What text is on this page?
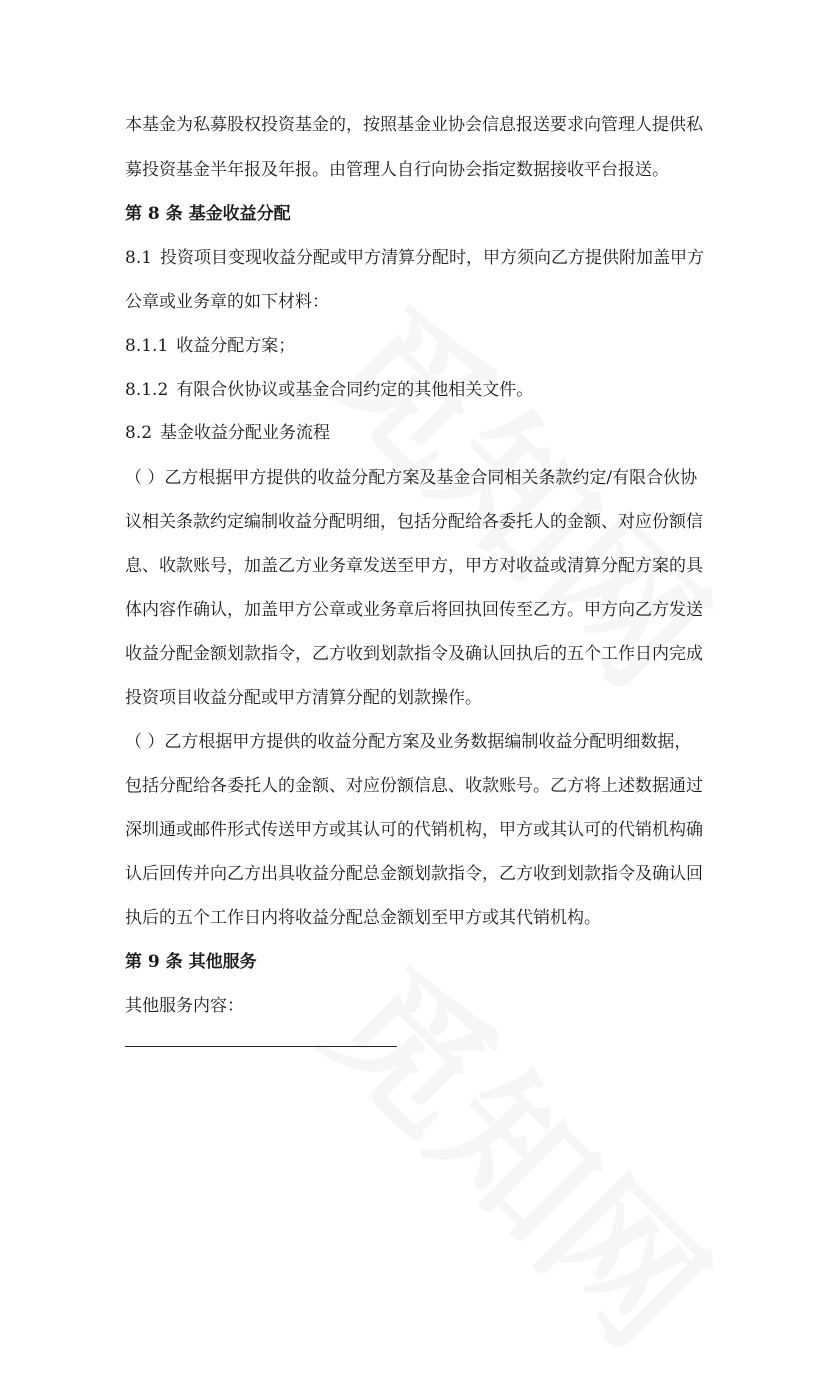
本基金为私募股权投资基金的，按照基金业协会信息报送要求向管理人提供私
募投资基金半年报及年报。由管理人自行向协会指定数据接收平台报送。
第 8 条 基金收益分配
8.1 投资项目变现收益分配或甲方清算分配时，甲方须向乙方提供附加盖甲方
公章或业务章的如下材料：
8.1.1 收益分配方案；
8.1.2 有限合伙协议或基金合同约定的其他相关文件。
8.2 基金收益分配业务流程
（ ）乙方根据甲方提供的收益分配方案及基金合同相关条款约定/有限合伙协
议相关条款约定编制收益分配明细，包括分配给各委托人的金额、对应份额信
息、收款账号，加盖乙方业务章发送至甲方，甲方对收益或清算分配方案的具
体内容作确认，加盖甲方公章或业务章后将回执回传至乙方。甲方向乙方发送
收益分配金额划款指令，乙方收到划款指令及确认回执后的五个工作日内完成
投资项目收益分配或甲方清算分配的划款操作。
（ ）乙方根据甲方提供的收益分配方案及业务数据编制收益分配明细数据，
包括分配给各委托人的金额、对应份额信息、收款账号。乙方将上述数据通过
深圳通或邮件形式传送甲方或其认可的代销机构，甲方或其认可的代销机构确
认后回传并向乙方出具收益分配总金额划款指令，乙方收到划款指令及确认回
执后的五个工作日内将收益分配总金额划至甲方或其代销机构。
第 9 条 其他服务
其他服务内容：
